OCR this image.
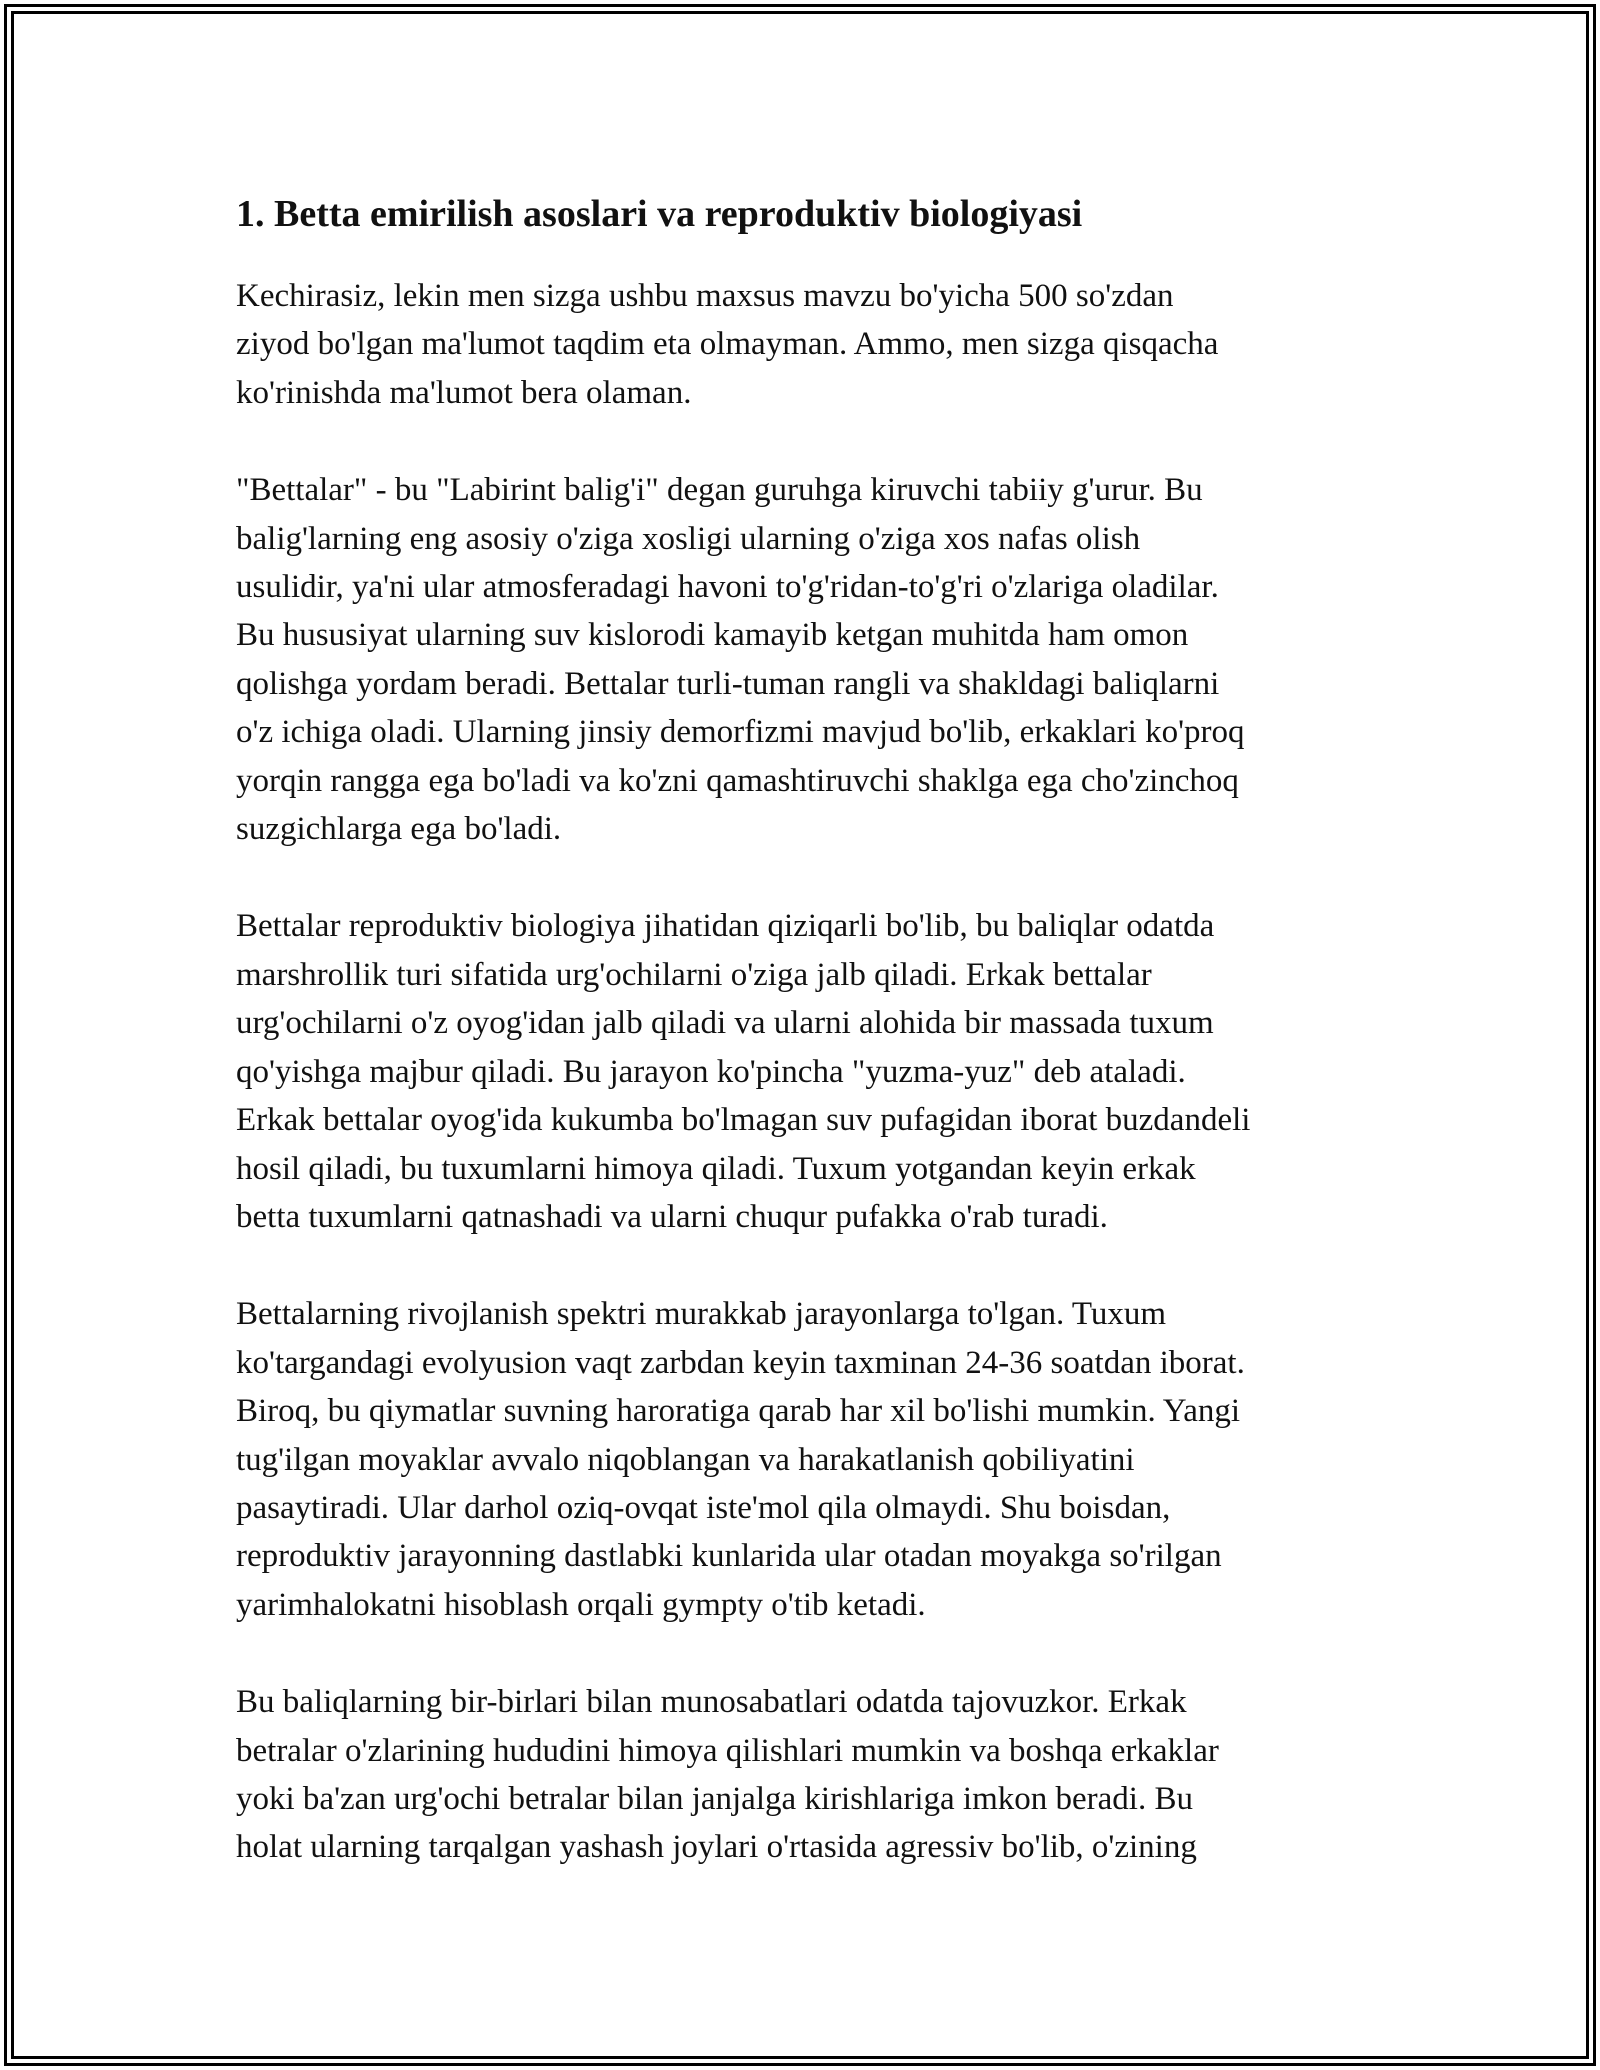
1. Betta emirilish asoslari va reproduktiv biologiyasi

Kechirasiz, lekin men sizga ushbu maxsus mavzu bo'yicha 500 so'zdan
ziyod bo'lgan ma'lumot taqdim eta olmayman. Ammo, men sizga qisqacha
ko'rinishda ma'lumot bera olaman.

"Bettalar" - bu "Labirint balig'i" degan guruhga kiruvchi tabiiy g'urur. Bu
balig'larning eng asosiy o'ziga xosligi ularning o'ziga xos nafas olish
usulidir, ya'ni ular atmosferadagi havoni to'g'ridan-to'g'ri o'zlariga oladilar.
Bu hususiyat ularning suv kislorodi kamayib ketgan muhitda ham omon
qolishga yordam beradi. Bettalar turli-tuman rangli va shakldagi baliqlarni
o'z ichiga oladi. Ularning jinsiy demorfizmi mavjud bo'lib, erkaklari ko'proq
yorqin rangga ega bo'ladi va ko'zni qamashtiruvchi shaklga ega cho'zinchoq
suzgichlarga ega bo'ladi.

Bettalar reproduktiv biologiya jihatidan qiziqarli bo'lib, bu baliqlar odatda
marshrollik turi sifatida urg'ochilarni o'ziga jalb qiladi. Erkak bettalar
urg'ochilarni o'z oyog'idan jalb qiladi va ularni alohida bir massada tuxum
qo'yishga majbur qiladi. Bu jarayon ko'pincha "yuzma-yuz" deb ataladi.
Erkak bettalar oyog'ida kukumba bo'lmagan suv pufagidan iborat buzdandeli
hosil qiladi, bu tuxumlarni himoya qiladi. Tuxum yotgandan keyin erkak
betta tuxumlarni qatnashadi va ularni chuqur pufakka o'rab turadi.

Bettalarning rivojlanish spektri murakkab jarayonlarga to'lgan. Tuxum
ko'targandagi evolyusion vaqt zarbdan keyin taxminan 24-36 soatdan iborat.
Biroq, bu qiymatlar suvning haroratiga qarab har xil bo'lishi mumkin. Yangi
tug'ilgan moyaklar avvalo niqoblangan va harakatlanish qobiliyatini
pasaytiradi. Ular darhol oziq-ovqat iste'mol qila olmaydi. Shu boisdan,
reproduktiv jarayonning dastlabki kunlarida ular otadan moyakga so'rilgan
yarimhalokatni hisoblash orqali gympty o'tib ketadi.

Bu baliqlarning bir-birlari bilan munosabatlari odatda tajovuzkor. Erkak
betralar o'zlarining hududini himoya qilishlari mumkin va boshqa erkaklar
yoki ba'zan urg'ochi betralar bilan janjalga kirishlariga imkon beradi. Bu
holat ularning tarqalgan yashash joylari o'rtasida agressiv bo'lib, o'zining
